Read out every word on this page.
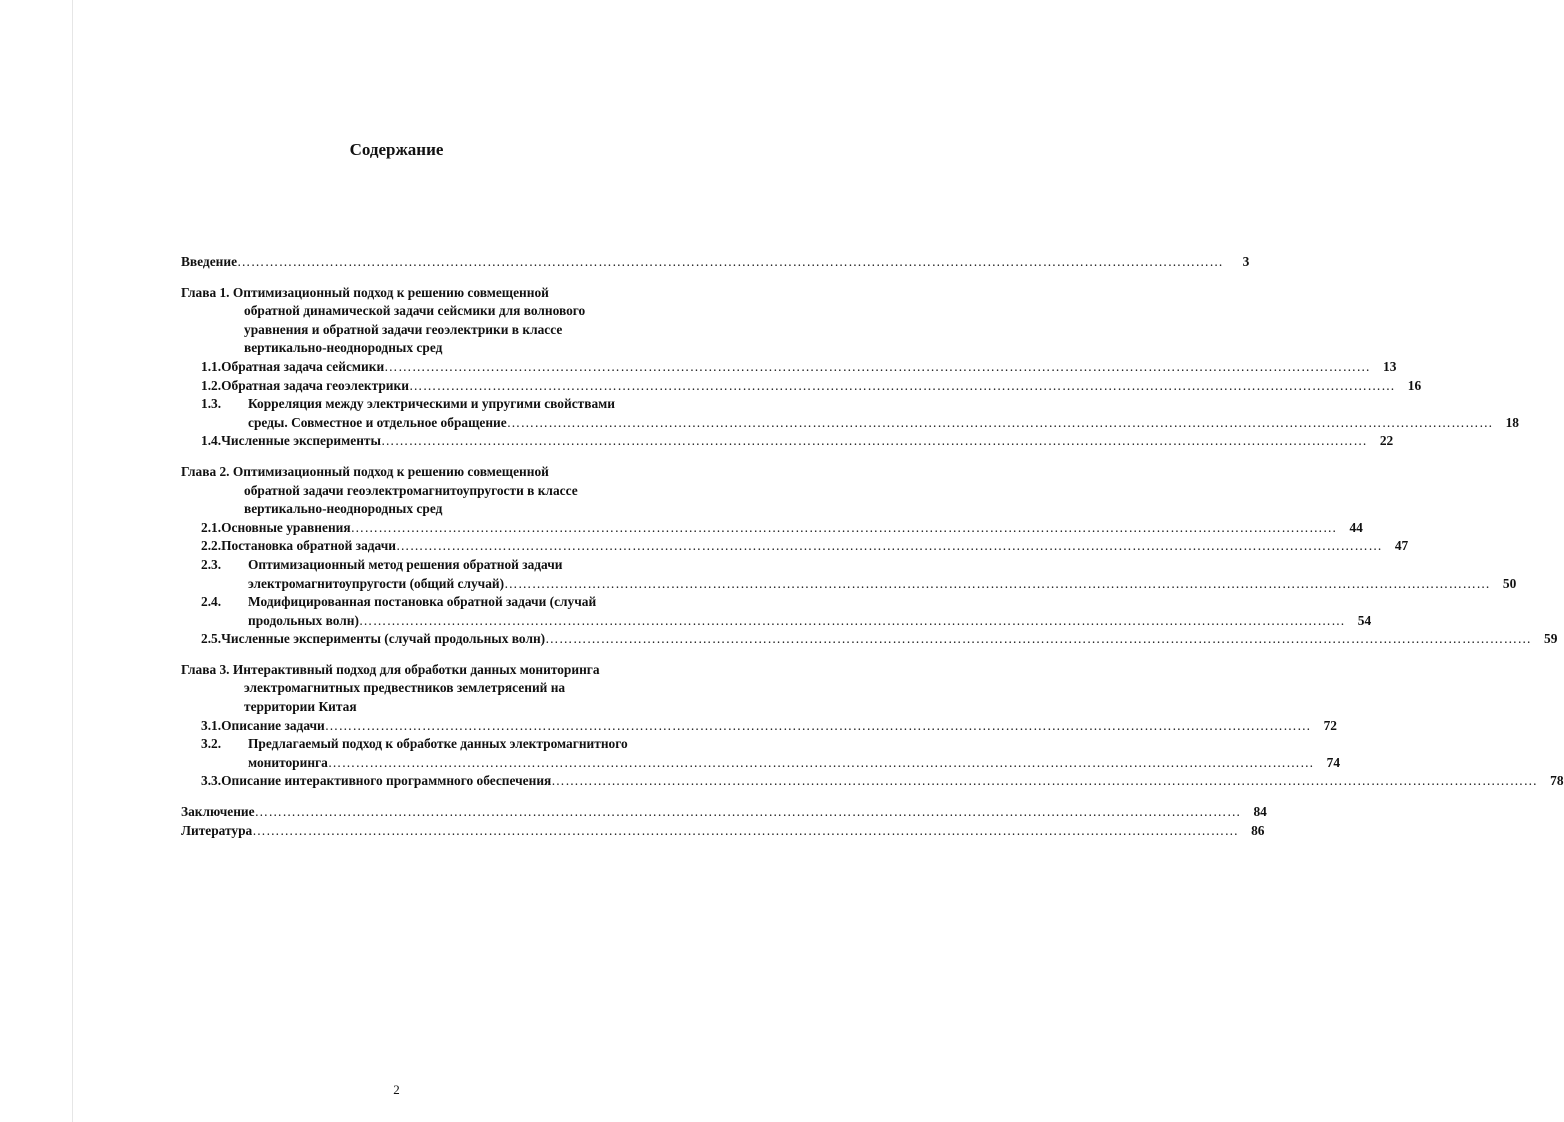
Содержание
Введение ……………………………………………………………………………………………………………………………………………………………………………………………	3
Глава 1. Оптимизационный подход к решению совмещенной
обратной динамической задачи сейсмики для волнового
уравнения и обратной задачи геоэлектрики в классе
вертикально-неоднородных сред
1.1. Обратная задача сейсмики …………………………………………………………………………………………………………………………………………………………………………………………… 13
1.2. Обратная задача геоэлектрики …………………………………………………………………………………………………………………………………………………………………………………………… 16
1.3. Корреляция между электрическими и упругими свойствами
среды. Совместное и отдельное обращение …………………………………………………………………………………………………………………………………………………………………………………………… 18
1.4. Численные эксперименты …………………………………………………………………………………………………………………………………………………………………………………………… 22
Глава 2. Оптимизационный подход к решению совмещенной
обратной задачи геоэлектромагнитоупругости в классе
вертикально-неоднородных сред
2.1. Основные уравнения …………………………………………………………………………………………………………………………………………………………………………………………… 44
2.2. Постановка обратной задачи …………………………………………………………………………………………………………………………………………………………………………………………… 47
2.3. Оптимизационный метод решения обратной задачи
электромагнитоупругости (общий случай) …………………………………………………………………………………………………………………………………………………………………………………………… 50
2.4. Модифицированная постановка обратной задачи (случай
продольных волн) …………………………………………………………………………………………………………………………………………………………………………………………… 54
2.5. Численные эксперименты (случай продольных волн) …………………………………………………………………………………………………………………………………………………………………………………………… 59
Глава 3. Интерактивный подход для обработки данных мониторинга
электромагнитных предвестников землетрясений на
территории Китая
3.1. Описание задачи …………………………………………………………………………………………………………………………………………………………………………………………… 72
3.2. Предлагаемый подход к обработке данных электромагнитного
мониторинга …………………………………………………………………………………………………………………………………………………………………………………………… 74
3.3. Описание интерактивного программного обеспечения …………………………………………………………………………………………………………………………………………………………………………………………… 78
Заключение …………………………………………………………………………………………………………………………………………………………………………………………… 84
Литература …………………………………………………………………………………………………………………………………………………………………………………………… 86
2
